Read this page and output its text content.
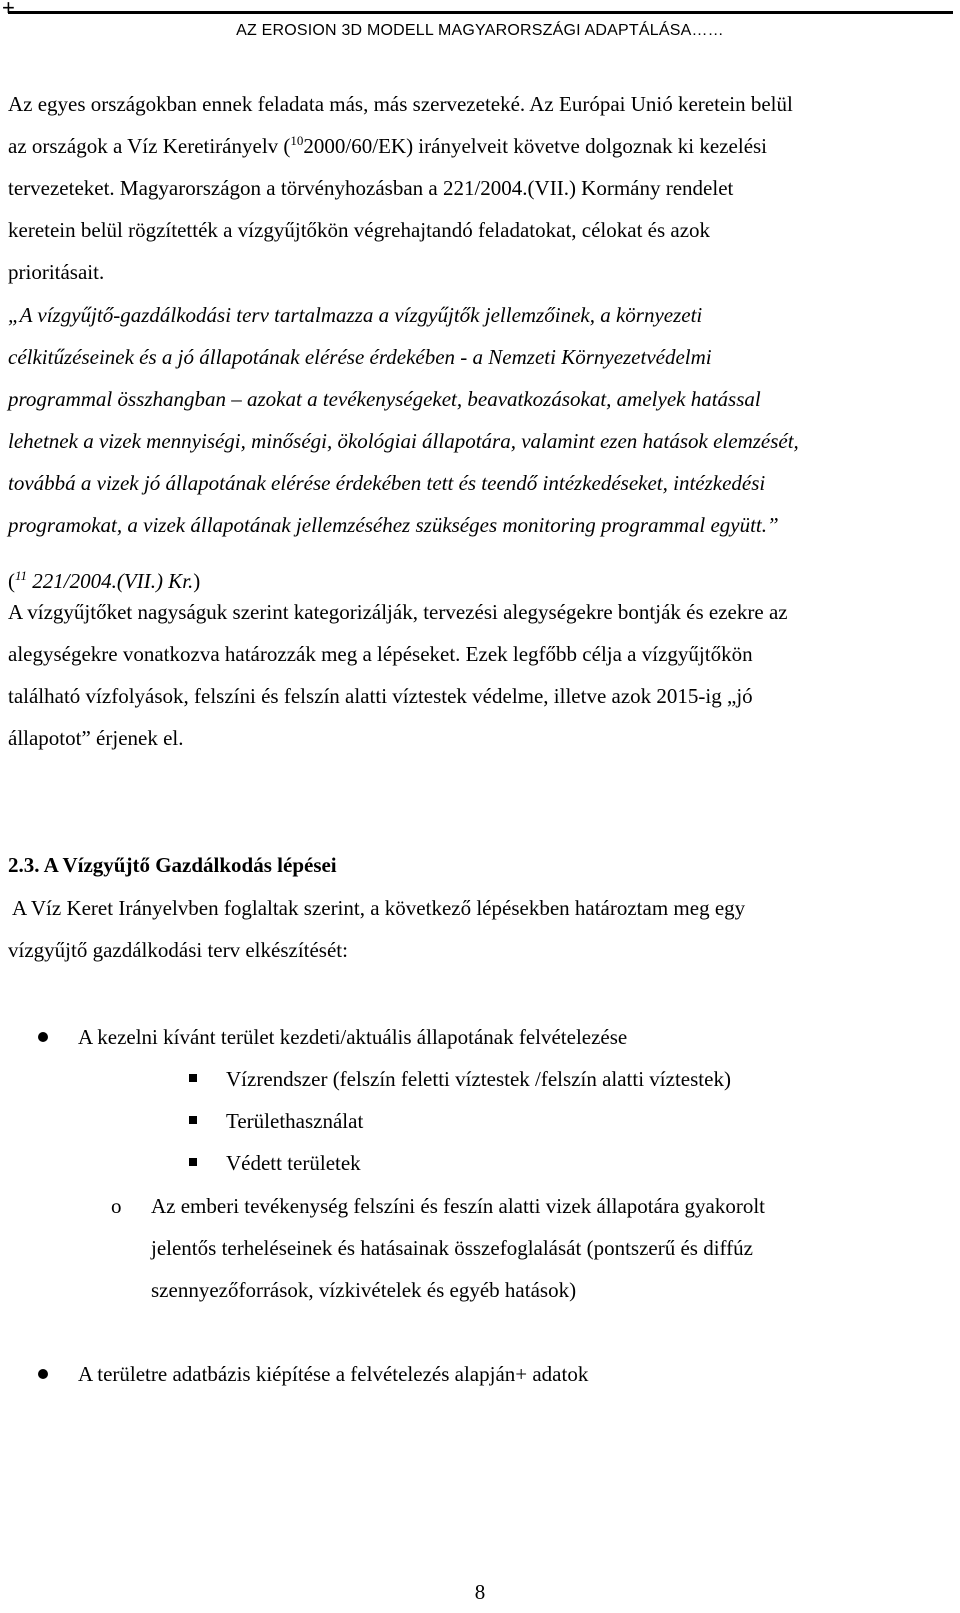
+
AZ EROSION 3D MODELL MAGYARORSZÁGI ADAPTÁLÁSA……
Az egyes országokban ennek feladata más, más szervezeteké. Az Európai Unió keretein belül
az országok a Víz Keretirányelv ($^{10}$2000/60/EK) irányelveit követve dolgoznak ki kezelési
tervezeteket. Magyarországon a törvényhozásban a 221/2004.(VII.) Kormány rendelet
keretein belül rögzítették a vízgyűjtőkön végrehajtandó feladatokat, célokat és azok
prioritásait.
„A vízgyűjtő-gazdálkodási terv tartalmazza a vízgyűjtők jellemzőinek, a környezeti
célkitűzéseinek és a jó állapotának elérése érdekében - a Nemzeti Környezetvédelmi
programmal összhangban – azokat a tevékenységeket, beavatkozásokat, amelyek hatással
lehetnek a vizek mennyiségi, minőségi, ökológiai állapotára, valamint ezen hatások elemzését,
továbbá a vizek jó állapotának elérése érdekében tett és teendő intézkedéseket, intézkedési
programokat, a vizek állapotának jellemzéséhez szükséges monitoring programmal együtt.”
($^{11}$ 221/2004.(VII.) Kr.)
A vízgyűjtőket nagyságuk szerint kategorizálják, tervezési alegységekre bontják és ezekre az
alegységekre vonatkozva határozzák meg a lépéseket. Ezek legfőbb célja a vízgyűjtőkön
található vízfolyások, felszíni és felszín alatti víztestek védelme, illetve azok 2015-ig „jó
állapotot” érjenek el.
2.3. A Vízgyűjtő Gazdálkodás lépései
A Víz Keret Irányelvben foglaltak szerint, a következő lépésekben határoztam meg egy
vízgyűjtő gazdálkodási terv elkészítését:
A kezelni kívánt terület kezdeti/aktuális állapotának felvételezése
Vízrendszer (felszín feletti víztestek /felszín alatti víztestek)
Területhasználat
Védett területek
o Az emberi tevékenység felszíni és feszín alatti vizek állapotára gyakorolt
jelentős terheléseinek és hatásainak összefoglalását (pontszerű és diffúz
szennyezőforrások, vízkivételek és egyéb hatások)
A területre adatbázis kiépítése a felvételezés alapján+ adatok
8
